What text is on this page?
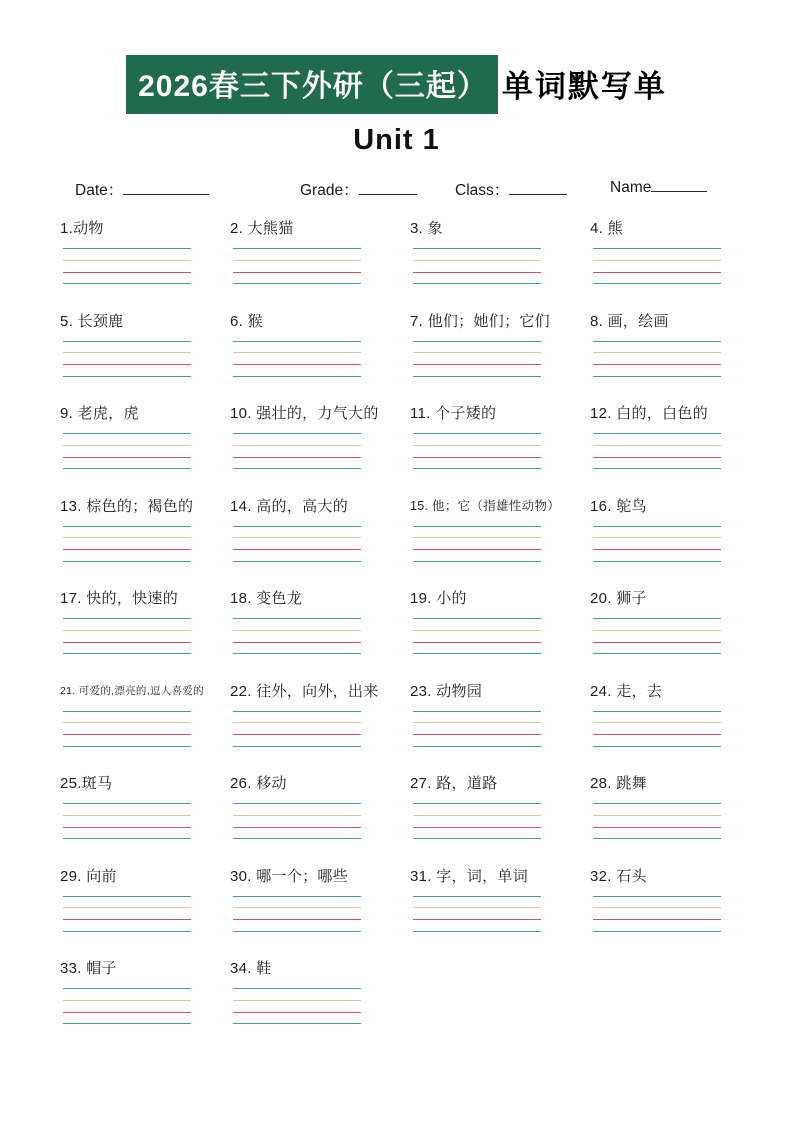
2026春三下外研（三起） 单词默写单
Unit 1
Date：	Grade：	Class：	Name
1.动物	2. 大熊猫	3. 象	4. 熊
5. 长颈鹿	6. 猴	7. 他们；她们；它们	8. 画，绘画
9. 老虎，虎	10. 强壮的，力气大的	11. 个子矮的	12. 白的，白色的
13. 棕色的；褐色的	14. 高的，高大的	15. 他；它（指雄性动物）	16. 鸵鸟
17. 快的，快速的	18. 变色龙	19. 小的	20. 狮子
21. 可爱的,漂亮的,逗人喜爱的	22. 往外，向外，出来	23. 动物园	24. 走，去
25.斑马	26. 移动	27. 路，道路	28. 跳舞
29. 向前	30. 哪一个；哪些	31. 字，词，单词	32. 石头
33. 帽子	34. 鞋
